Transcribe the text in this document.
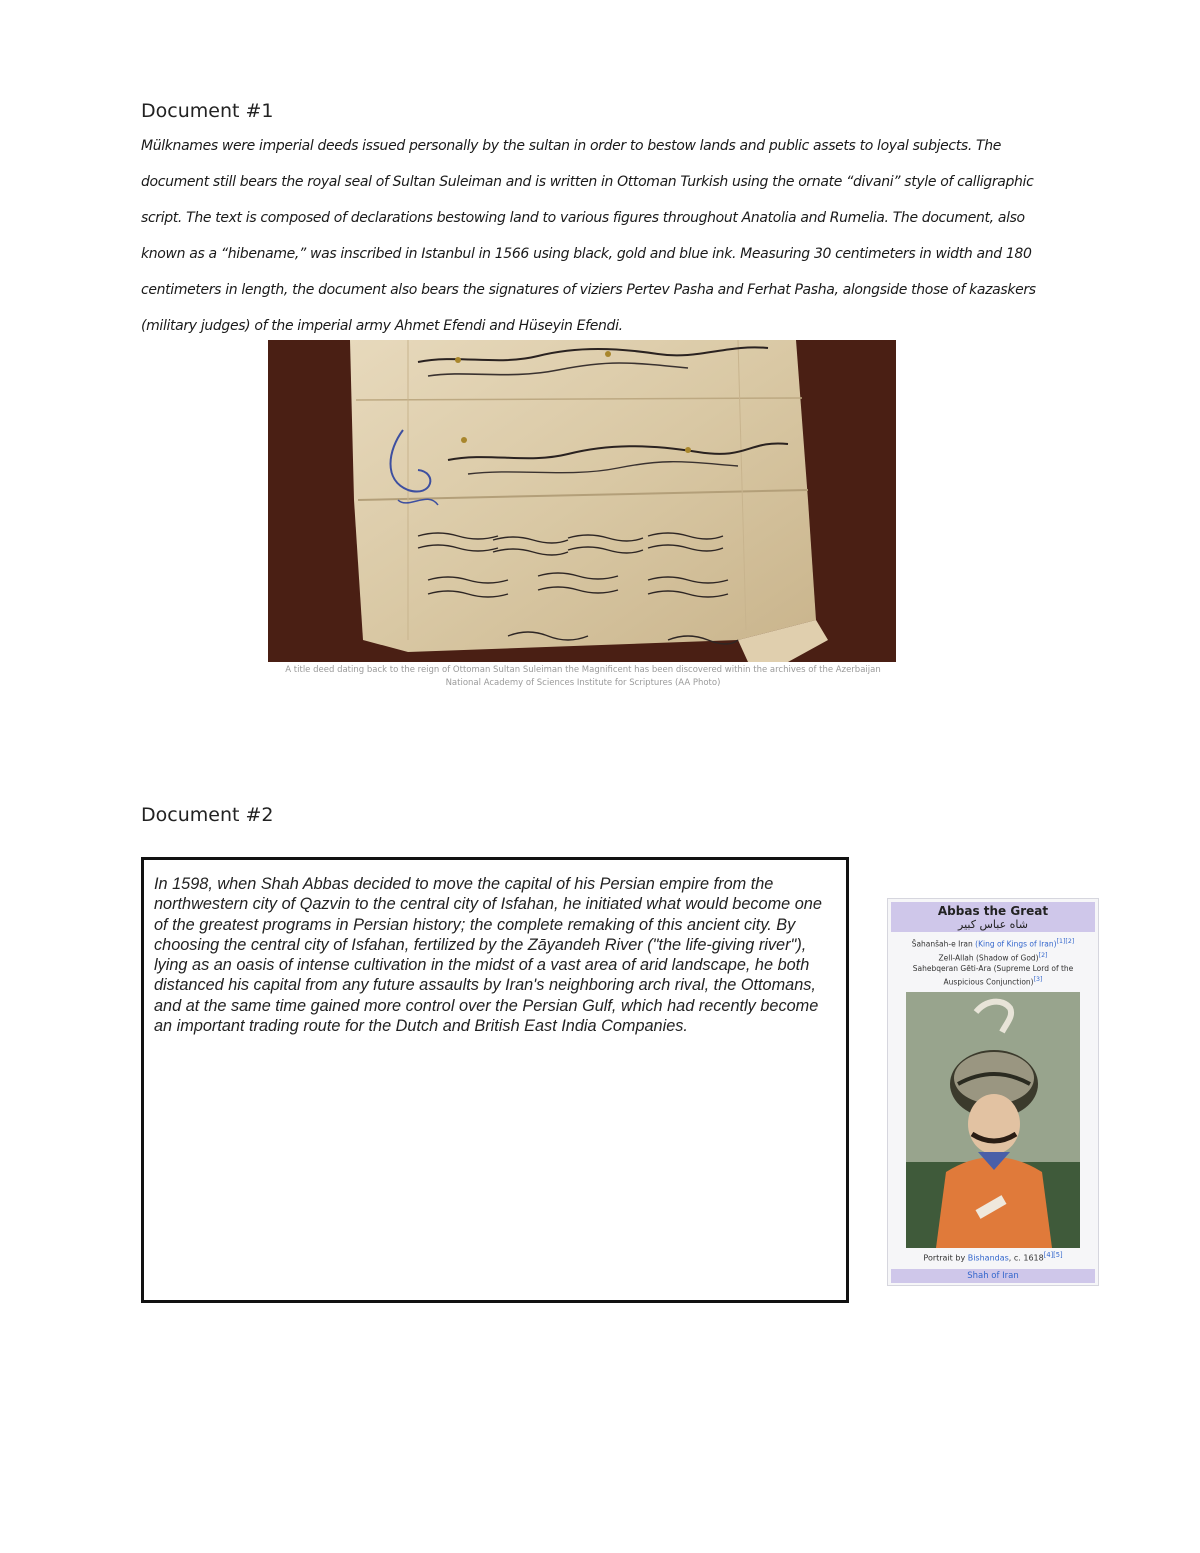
Document #1

Mülknames were imperial deeds issued personally by the sultan in order to bestow lands and public assets to loyal subjects. The document still bears the royal seal of Sultan Suleiman and is written in Ottoman Turkish using the ornate “divani” style of calligraphic script. The text is composed of declarations bestowing land to various figures throughout Anatolia and Rumelia. The document, also known as a “hibename,” was inscribed in Istanbul in 1566 using black, gold and blue ink. Measuring 30 centimeters in width and 180 centimeters in length, the document also bears the signatures of viziers Pertev Pasha and Ferhat Pasha, alongside those of kazaskers (military judges) of the imperial army Ahmet Efendi and Hüseyin Efendi.

A title deed dating back to the reign of Ottoman Sultan Suleiman the Magnificent has been discovered within the archives of the Azerbaijan National Academy of Sciences Institute for Scriptures (AA Photo)

Document #2

In 1598, when Shah Abbas decided to move the capital of his Persian empire from the northwestern city of Qazvin to the central city of Isfahan, he initiated what would become one of the greatest programs in Persian history; the complete remaking of this ancient city. By choosing the central city of Isfahan, fertilized by the Zāyandeh River ("the life-giving river"), lying as an oasis of intense cultivation in the midst of a vast area of arid landscape, he both distanced his capital from any future assaults by Iran's neighboring arch rival, the Ottomans, and at the same time gained more control over the Persian Gulf, which had recently become an important trading route for the Dutch and British East India Companies.

Abbas the Great
شاه عباس کبیر
Šahanšah-e Iran (King of Kings of Iran)[1][2]
Zell-Allah (Shadow of God)[2]
Sahebqeran Gēti-Ara (Supreme Lord of the Auspicious Conjunction)[3]
Portrait by Bishandas, c. 1618[4][5]
Shah of Iran
